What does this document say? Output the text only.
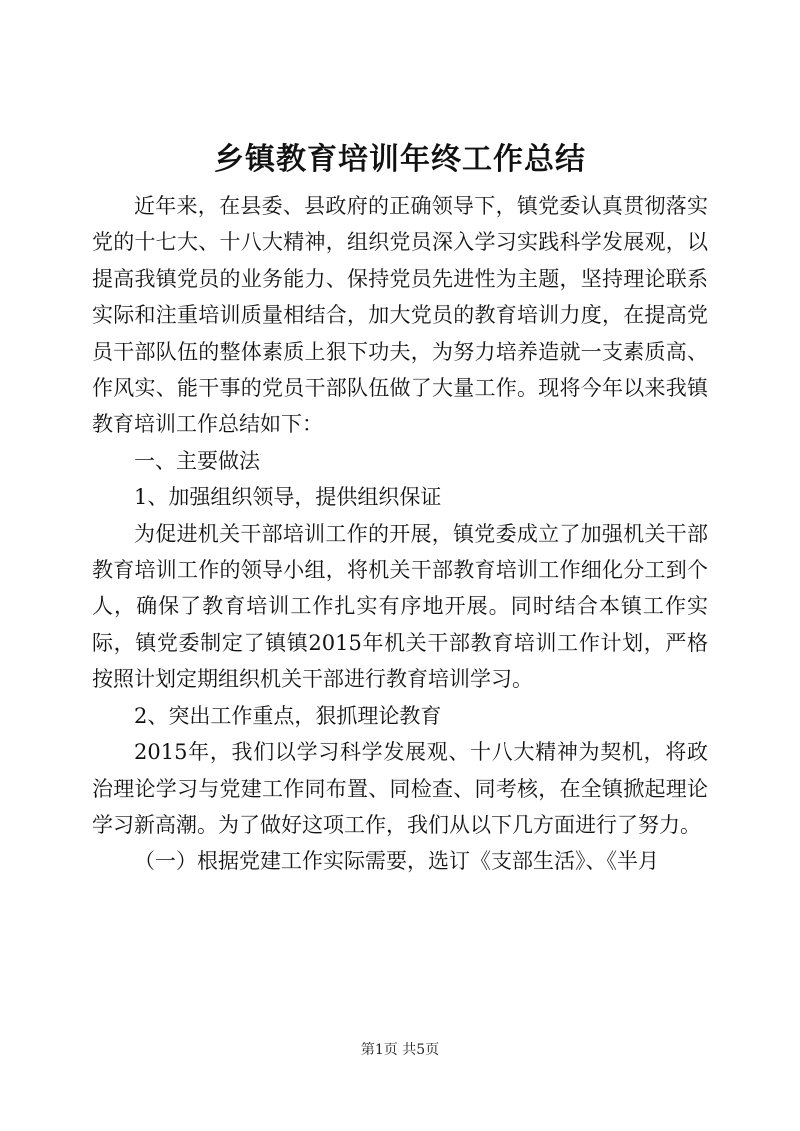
乡镇教育培训年终工作总结

近年来，在县委、县政府的正确领导下，镇党委认真贯彻落实党的十七大、十八大精神，组织党员深入学习实践科学发展观，以提高我镇党员的业务能力、保持党员先进性为主题，坚持理论联系实际和注重培训质量相结合，加大党员的教育培训力度，在提高党员干部队伍的整体素质上狠下功夫，为努力培养造就一支素质高、作风实、能干事的党员干部队伍做了大量工作。现将今年以来我镇教育培训工作总结如下：

一、主要做法

1、加强组织领导，提供组织保证

为促进机关干部培训工作的开展，镇党委成立了加强机关干部教育培训工作的领导小组，将机关干部教育培训工作细化分工到个人，确保了教育培训工作扎实有序地开展。同时结合本镇工作实际，镇党委制定了镇镇2015年机关干部教育培训工作计划，严格按照计划定期组织机关干部进行教育培训学习。

2、突出工作重点，狠抓理论教育

2015年，我们以学习科学发展观、十八大精神为契机，将政治理论学习与党建工作同布置、同检查、同考核，在全镇掀起理论学习新高潮。为了做好这项工作，我们从以下几方面进行了努力。

（一）根据党建工作实际需要，选订《支部生活》、《半月

第1页 共5页
